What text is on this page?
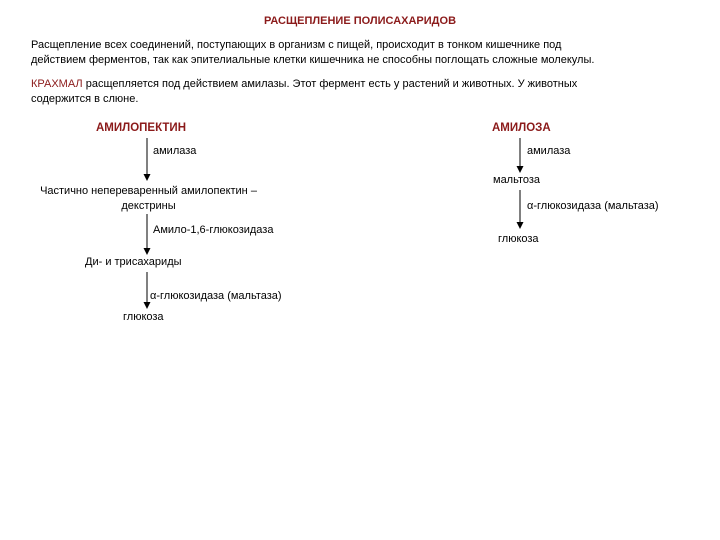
РАСЩЕПЛЕНИЕ ПОЛИСАХАРИДОВ
Расщепление всех соединений, поступающих в организм с пищей, происходит в тонком кишечнике под
действием ферментов, так как эпителиальные клетки кишечника не способны поглощать сложные молекулы.
КРАХМАЛ расщепляется под действием амилазы. Этот фермент есть у растений и животных. У животных
содержится в слюне.
АМИЛОПЕКТИН
амилаза
Частично непереваренный амилопектин –
декстрины
Амило-1,6-глюкозидаза
Ди- и трисахариды
α-глюкозидаза (мальтаза)
глюкоза
АМИЛОЗА
амилаза
мальтоза
α-глюкозидаза (мальтаза)
глюкоза
